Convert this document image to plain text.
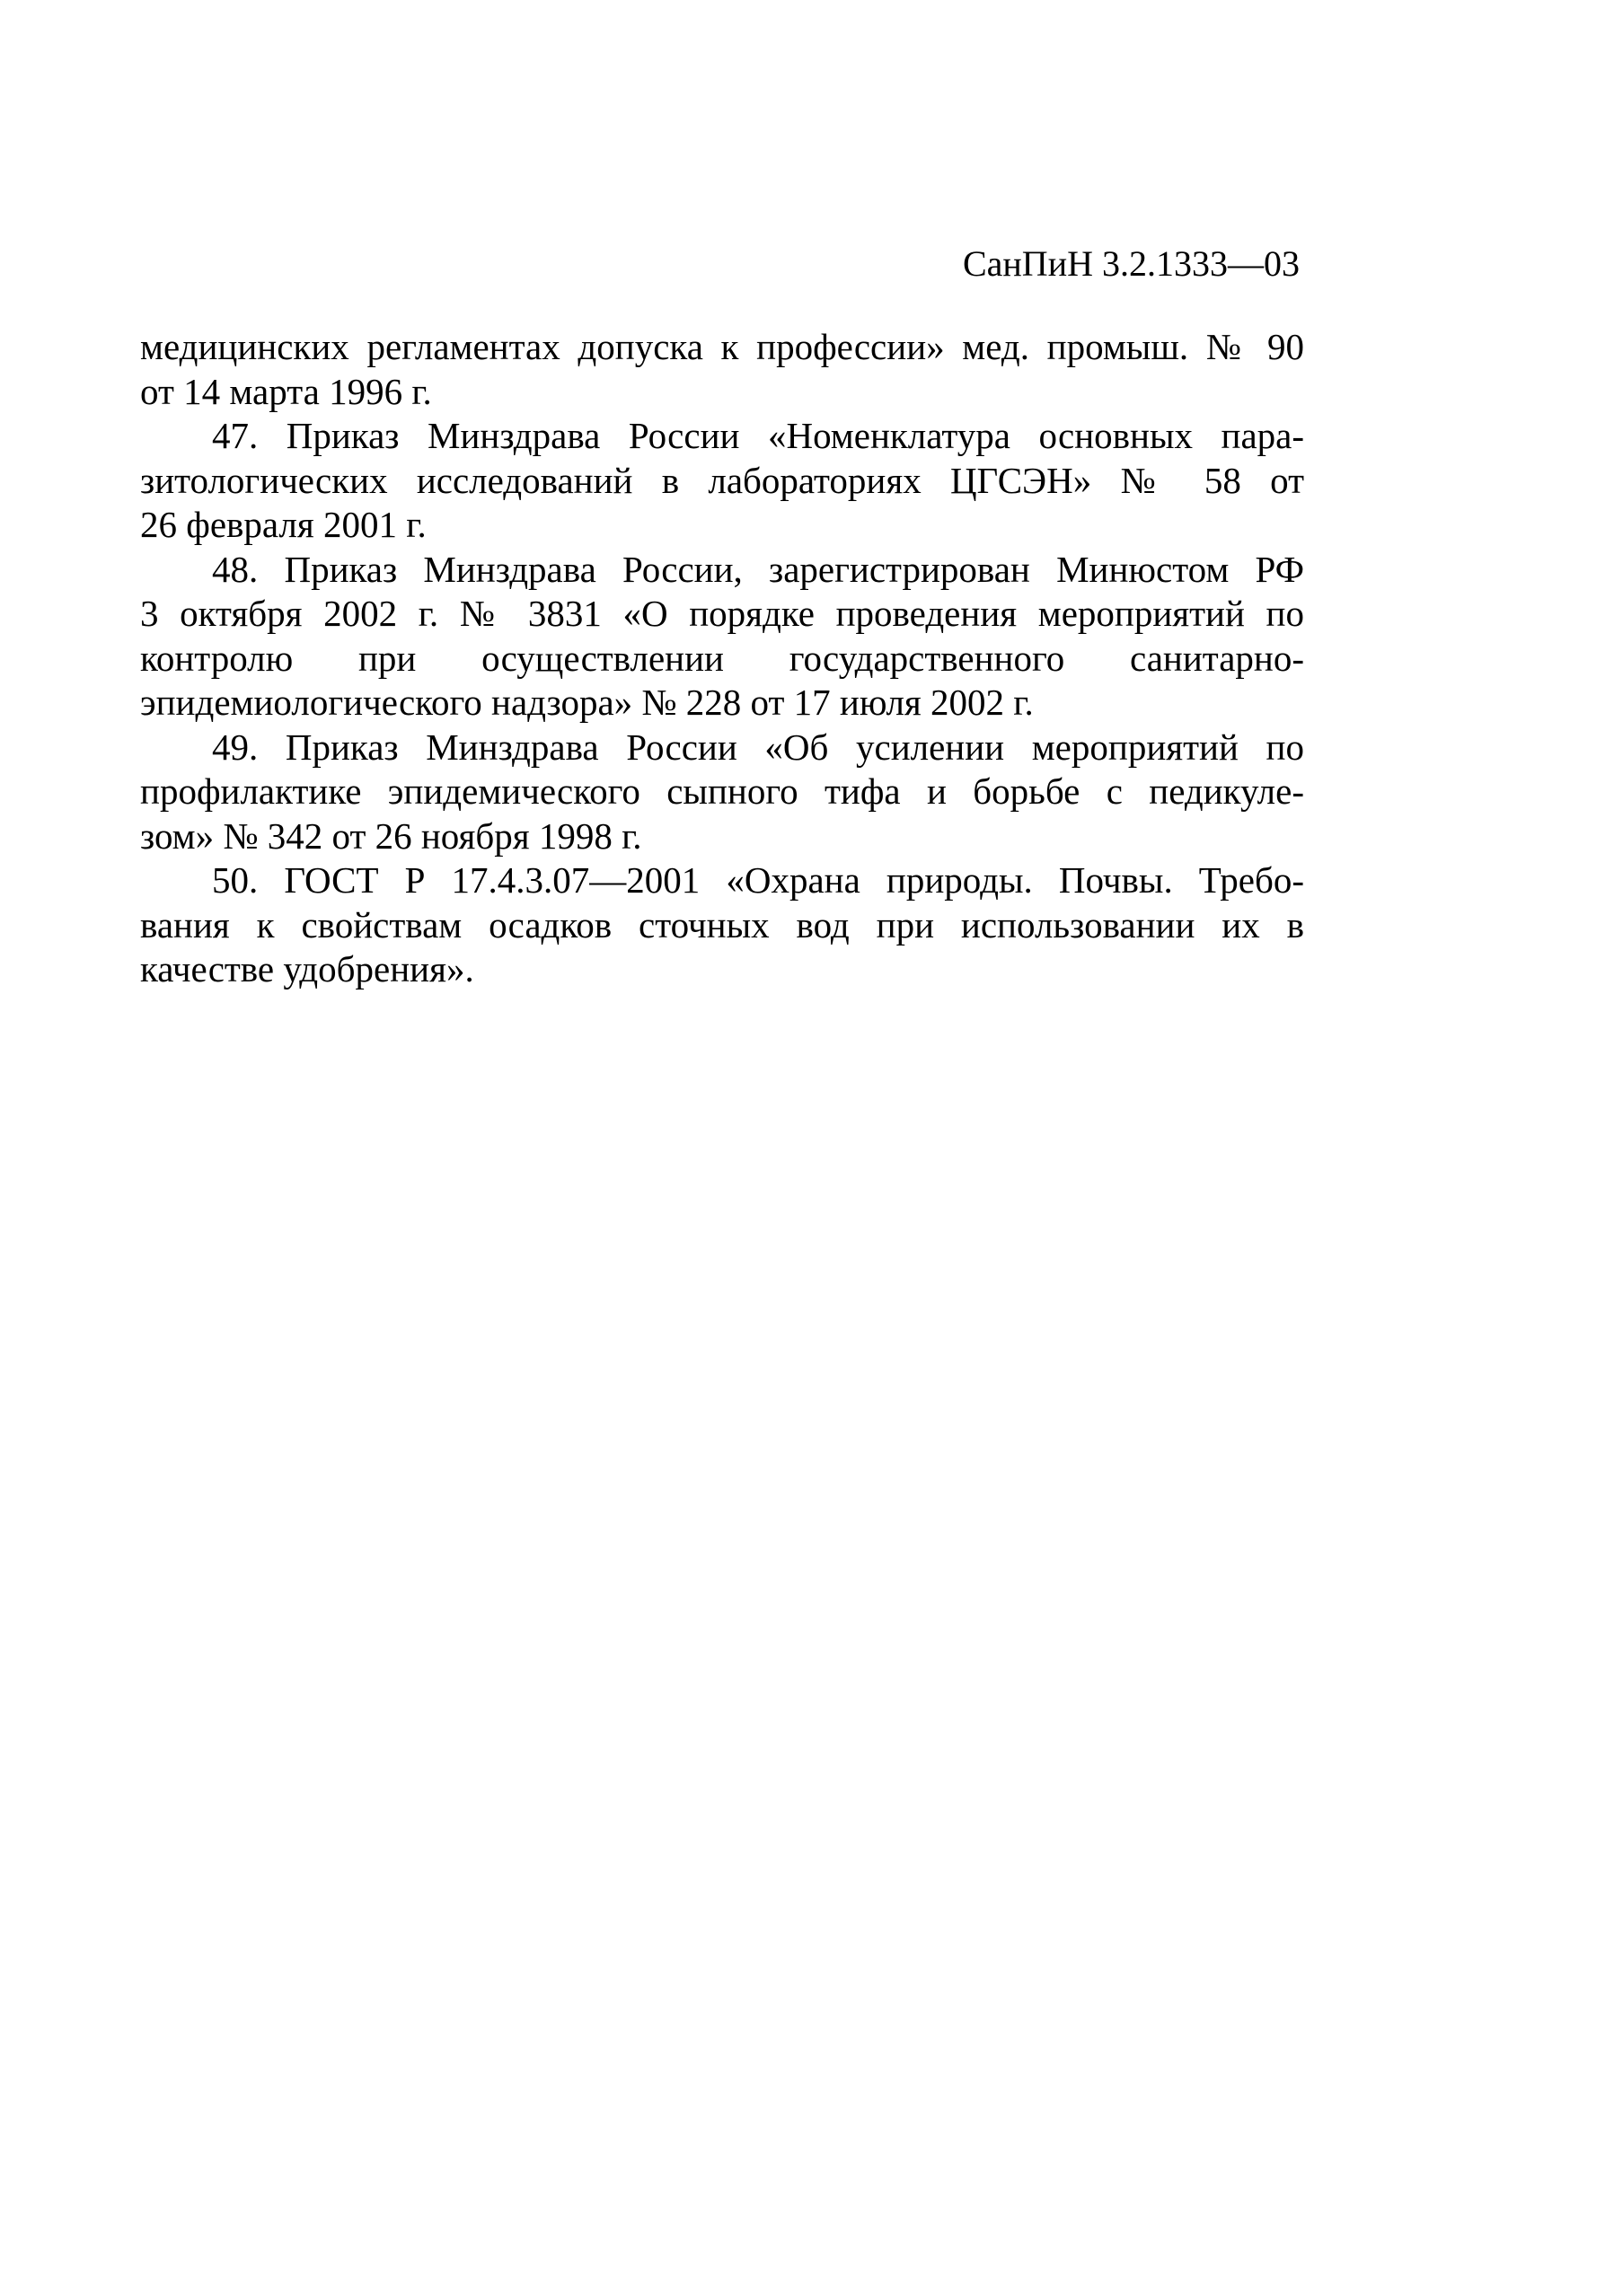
СанПиН 3.2.1333—03

медицинских регламентах допуска к профессии» мед. промыш. № 90
от 14 марта 1996 г.

47. Приказ Минздрава России «Номенклатура основных пара-
зитологических исследований в лабораториях ЦГСЭН» № 58 от
26 февраля 2001 г.

48. Приказ Минздрава России, зарегистрирован Минюстом РФ
3 октября 2002 г. № 3831 «О порядке проведения мероприятий по
контролю при осуществлении государственного санитарно-
эпидемиологического надзора» № 228 от 17 июля 2002 г.

49. Приказ Минздрава России «Об усилении мероприятий по
профилактике эпидемического сыпного тифа и борьбе с педикуле-
зом» № 342 от 26 ноября 1998 г.

50. ГОСТ Р 17.4.3.07—2001 «Охрана природы. Почвы. Требо-
вания к свойствам осадков сточных вод при использовании их в
качестве удобрения».
